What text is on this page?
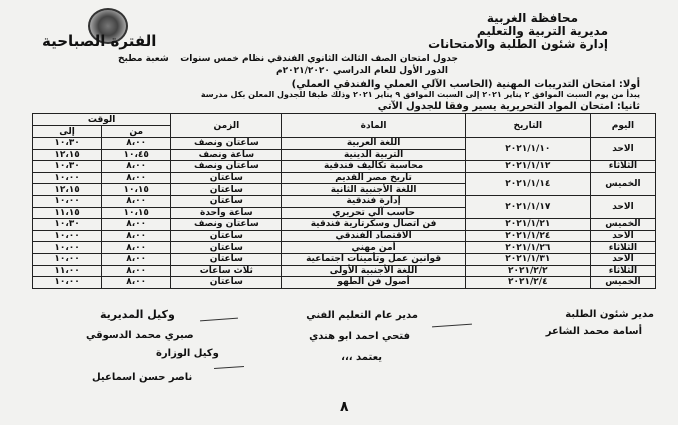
محافظة الغربية
مديرية التربية والتعليم
إدارة شئون الطلبة والامتحانات
الفترة الصباحية
جدول امتحان الصف الثالث الثانوي الفندقي نظام خمس سنوات
شعبة مطبخ
الدور الأول للعام الدراسي ٢٠٢١/٢٠٢٠م
أولا: امتحان التدريبات المهنية (الحاسب الآلي العملي والفندقي العملي)
يبدأ من يوم السبت الموافق ٢ يناير ٢٠٢١ إلى السبت الموافق ٩ يناير ٢٠٢١ وذلك طبقا للجدول المعلن بكل مدرسة
ثانيا: امتحان المواد التحريرية يسير وفقا للجدول الآتي
اليوم	التاريخ	المادة	الزمن	الوقت	
				من	إلى
الاحد	٢٠٢١/١/١٠	اللغة العربية	ساعتان ونصف	٨،٠٠	١٠،٣٠
		التربية الدينية	ساعة ونصف	١٠،٤٥	١٢،١٥
الثلاثاء	٢٠٢١/١/١٢	محاسبة تكاليف فندقية	ساعتان ونصف	٨،٠٠	١٠،٣٠
الخميس	٢٠٢١/١/١٤	تاريخ مصر القديم	ساعتان	٨،٠٠	١٠،٠٠
		اللغة الأجنبية الثانية	ساعتان	١٠،١٥	١٢،١٥
الاحد	٢٠٢١/١/١٧	إدارة فندقية	ساعتان	٨،٠٠	١٠،٠٠
		حاسب آلي تحريري	ساعة واحدة	١٠،١٥	١١،١٥
الخميس	٢٠٢١/١/٢١	فن اتصال وسكرتارية فندقية	ساعتان ونصف	٨،٠٠	١٠،٣٠
الاحد	٢٠٢١/١/٢٤	الاقتصاد الفندقي	ساعتان	٨،٠٠	١٠،٠٠
الثلاثاء	٢٠٢١/١/٢٦	أمن مهني	ساعتان	٨،٠٠	١٠،٠٠
الاحد	٢٠٢١/١/٣١	قوانين عمل وتأمينات اجتماعية	ساعتان	٨،٠٠	١٠،٠٠
الثلاثاء	٢٠٢١/٢/٢	اللغة الأجنبية الأولى	ثلاث ساعات	٨،٠٠	١١،٠٠
الخميس	٢٠٢١/٢/٤	أصول فن الطهو	ساعتان	٨،٠٠	١٠،٠٠
مدير شئون الطلبة
أسامة محمد الشاعر
مدير عام التعليم الفني
فتحي احمد ابو هندي
وكيل المديرية
صبري محمد الدسوقي
يعتمد ،،،
وكيل الوزارة
ناصر حسن اسماعيل
٨
